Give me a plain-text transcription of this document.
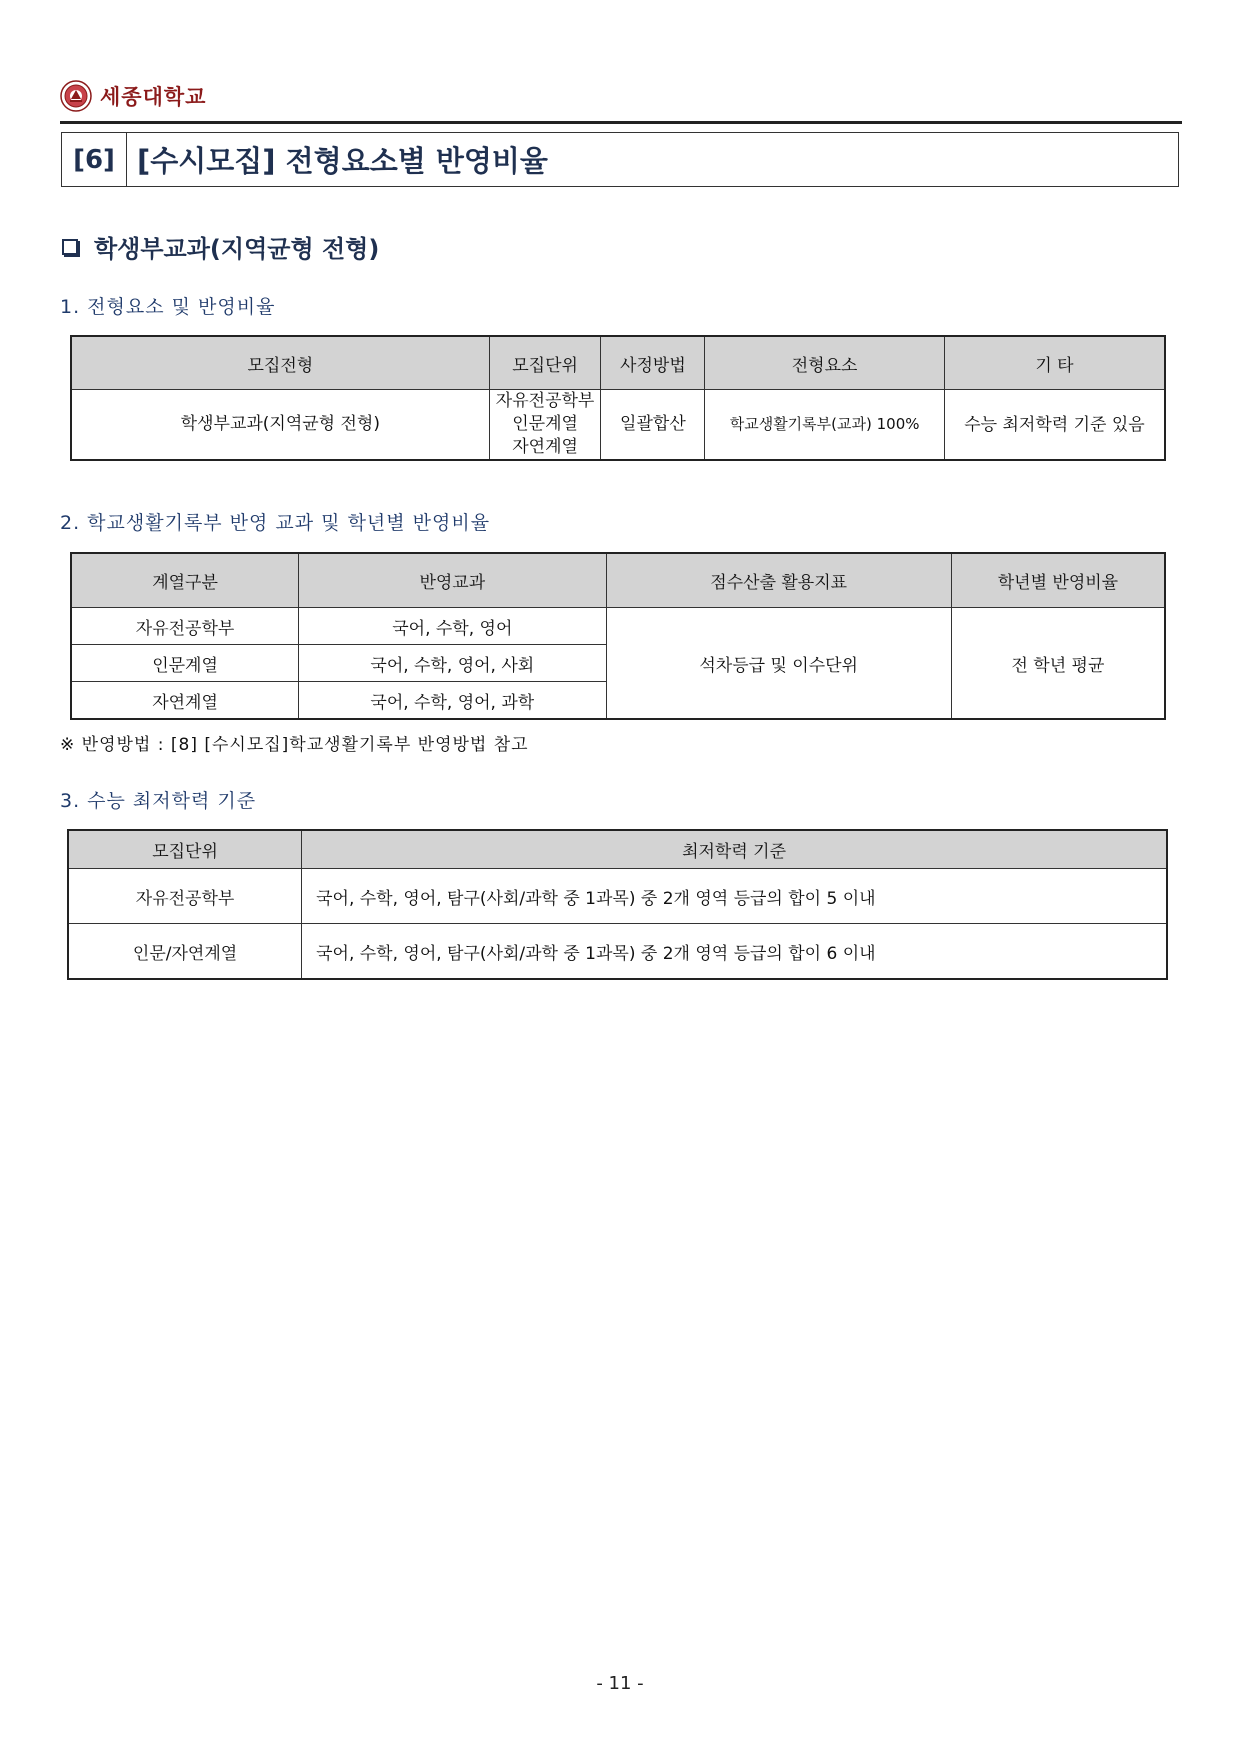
세종대학교
[6] [수시모집] 전형요소별 반영비율
학생부교과(지역균형 전형)
1. 전형요소 및 반영비율
모집전형	모집단위	사정방법	전형요소	기 타
학생부교과(지역균형 전형)	자유전공학부
인문계열
자연계열	일괄합산	학교생활기록부(교과) 100%	수능 최저학력 기준 있음
2. 학교생활기록부 반영 교과 및 학년별 반영비율
계열구분	반영교과	점수산출 활용지표	학년별 반영비율
자유전공학부	국어, 수학, 영어	석차등급 및 이수단위	전 학년 평균
인문계열	국어, 수학, 영어, 사회		
자연계열	국어, 수학, 영어, 과학		
※ 반영방법 : [8] [수시모집]학교생활기록부 반영방법 참고
3. 수능 최저학력 기준
모집단위	최저학력 기준
자유전공학부	국어, 수학, 영어, 탐구(사회/과학 중 1과목) 중 2개 영역 등급의 합이 5 이내
인문/자연계열	국어, 수학, 영어, 탐구(사회/과학 중 1과목) 중 2개 영역 등급의 합이 6 이내
- 11 -
